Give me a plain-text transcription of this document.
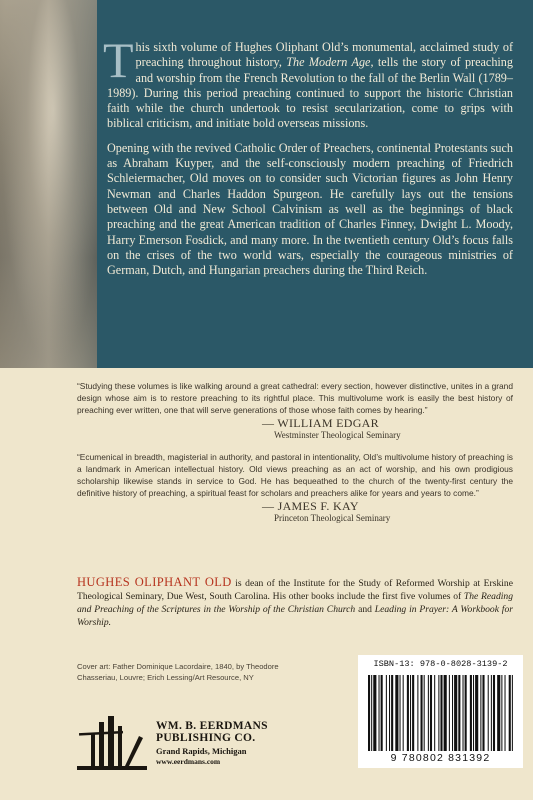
This sixth volume of Hughes Oliphant Old’s monumental, acclaimed study of preaching throughout history, The Modern Age, tells the story of preaching and worship from the French Revolution to the fall of the Berlin Wall (1789–1989). During this period preaching continued to support the historic Christian faith while the church undertook to resist secularization, come to grips with biblical criticism, and initiate bold overseas missions.

Opening with the revived Catholic Order of Preachers, continental Protestants such as Abraham Kuyper, and the self-consciously modern preaching of Friedrich Schleiermacher, Old moves on to consider such Victorian figures as John Henry Newman and Charles Haddon Spurgeon. He carefully lays out the tensions between Old and New School Calvinism as well as the beginnings of black preaching and the great American tradition of Charles Finney, Dwight L. Moody, Harry Emerson Fosdick, and many more. In the twentieth century Old’s focus falls on the crises of the two world wars, especially the courageous ministries of German, Dutch, and Hungarian preachers during the Third Reich.

“Studying these volumes is like walking around a great cathedral: every section, however distinctive, unites in a grand design whose aim is to restore preaching to its rightful place. This multivolume work is easily the best history of preaching ever written, one that will serve generations of those whose faith comes by hearing.”
— WILLIAM EDGAR
Westminster Theological Seminary
“Ecumenical in breadth, magisterial in authority, and pastoral in intentionality, Old’s multivolume history of preaching is a landmark in American intellectual history. Old views preaching as an act of worship, and his own prodigious scholarship likewise stands in service to God. He has bequeathed to the church of the twenty-first century the definitive history of preaching, a spiritual feast for scholars and preachers alike for years and years to come.”
— JAMES F. KAY
Princeton Theological Seminary
HUGHES OLIPHANT OLD is dean of the Institute for the Study of Reformed Worship at Erskine Theological Seminary, Due West, South Carolina. His other books include the first five volumes of The Reading and Preaching of the Scriptures in the Worship of the Christian Church and Leading in Prayer: A Workbook for Worship.
Cover art: Father Dominique Lacordaire, 1840, by Theodore Chasseriau, Louvre; Erich Lessing/Art Resource, NY
WM. B. EERDMANS
PUBLISHING CO.
Grand Rapids, Michigan
www.eerdmans.com
ISBN-13: 978-0-8028-3139-2
9 780802 831392
